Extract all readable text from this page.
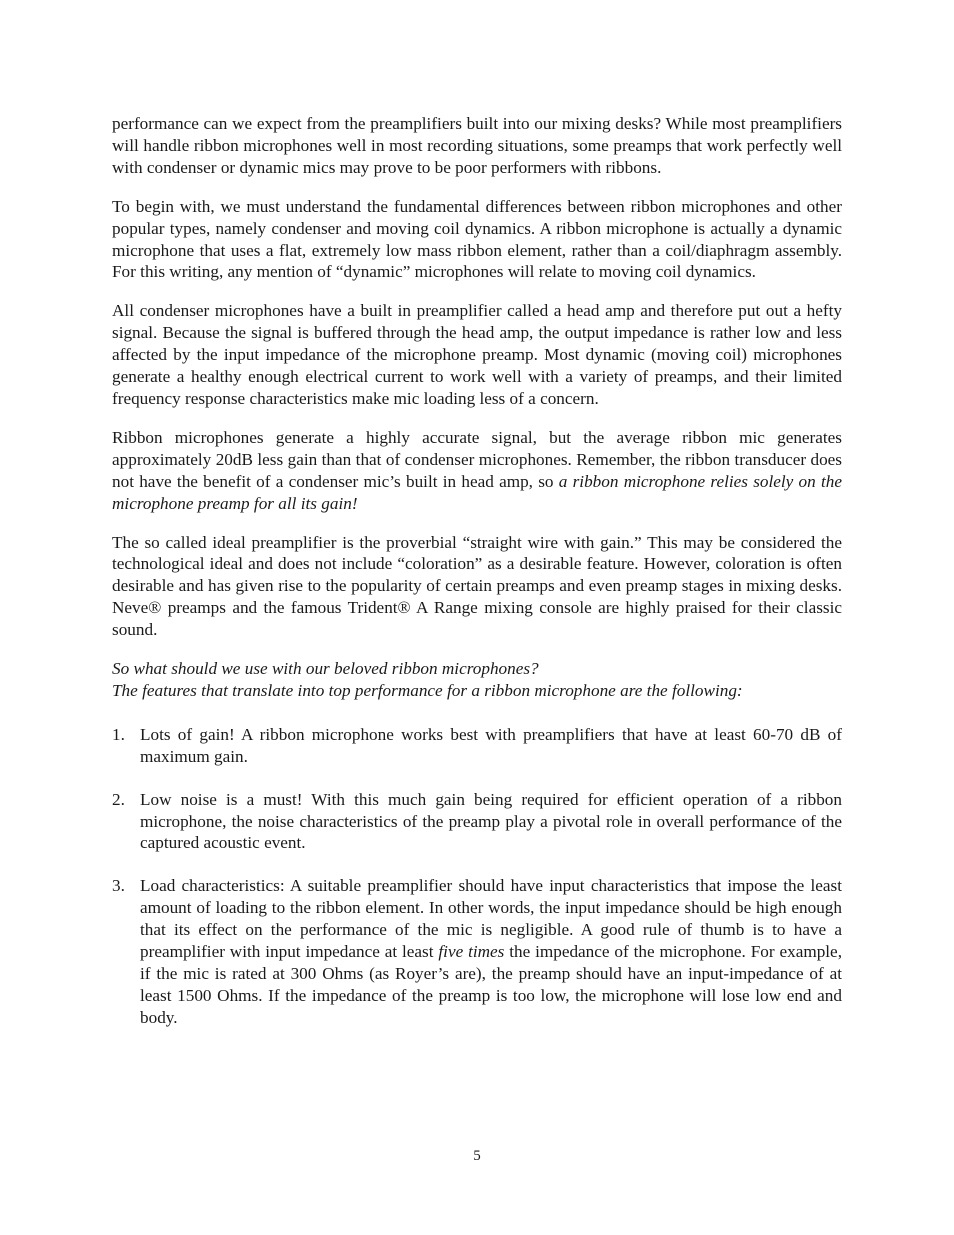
performance can we expect from the preamplifiers built into our mixing desks? While most preamplifiers will handle ribbon microphones well in most recording situations, some preamps that work perfectly well with condenser or dynamic mics may prove to be poor performers with ribbons.

To begin with, we must understand the fundamental differences between ribbon microphones and other popular types, namely condenser and moving coil dynamics. A ribbon microphone is actually a dynamic microphone that uses a flat, extremely low mass ribbon element, rather than a coil/diaphragm assembly. For this writing, any mention of “dynamic” microphones will relate to moving coil dynamics.

All condenser microphones have a built in preamplifier called a head amp and therefore put out a hefty signal. Because the signal is buffered through the head amp, the output impedance is rather low and less affected by the input impedance of the microphone preamp. Most dynamic (moving coil) microphones generate a healthy enough electrical current to work well with a variety of preamps, and their limited frequency response characteristics make mic loading less of a concern.

Ribbon microphones generate a highly accurate signal, but the average ribbon mic generates approximately 20dB less gain than that of condenser microphones. Remember, the ribbon transducer does not have the benefit of a condenser mic’s built in head amp, so a ribbon microphone relies solely on the microphone preamp for all its gain!

The so called ideal preamplifier is the proverbial “straight wire with gain.” This may be considered the technological ideal and does not include “coloration” as a desirable feature. However, coloration is often desirable and has given rise to the popularity of certain preamps and even preamp stages in mixing desks. Neve® preamps and the famous Trident® A Range mixing console are highly praised for their classic sound.

So what should we use with our beloved ribbon microphones?
The features that translate into top performance for a ribbon microphone are the following:

1. Lots of gain! A ribbon microphone works best with preamplifiers that have at least 60-70 dB of maximum gain.
2. Low noise is a must! With this much gain being required for efficient operation of a ribbon microphone, the noise characteristics of the preamp play a pivotal role in overall performance of the captured acoustic event.
3. Load characteristics: A suitable preamplifier should have input characteristics that impose the least amount of loading to the ribbon element. In other words, the input impedance should be high enough that its effect on the performance of the mic is negligible. A good rule of thumb is to have a preamplifier with input impedance at least five times the impedance of the microphone. For example, if the mic is rated at 300 Ohms (as Royer’s are), the preamp should have an input-impedance of at least 1500 Ohms. If the impedance of the preamp is too low, the microphone will lose low end and body.
5
